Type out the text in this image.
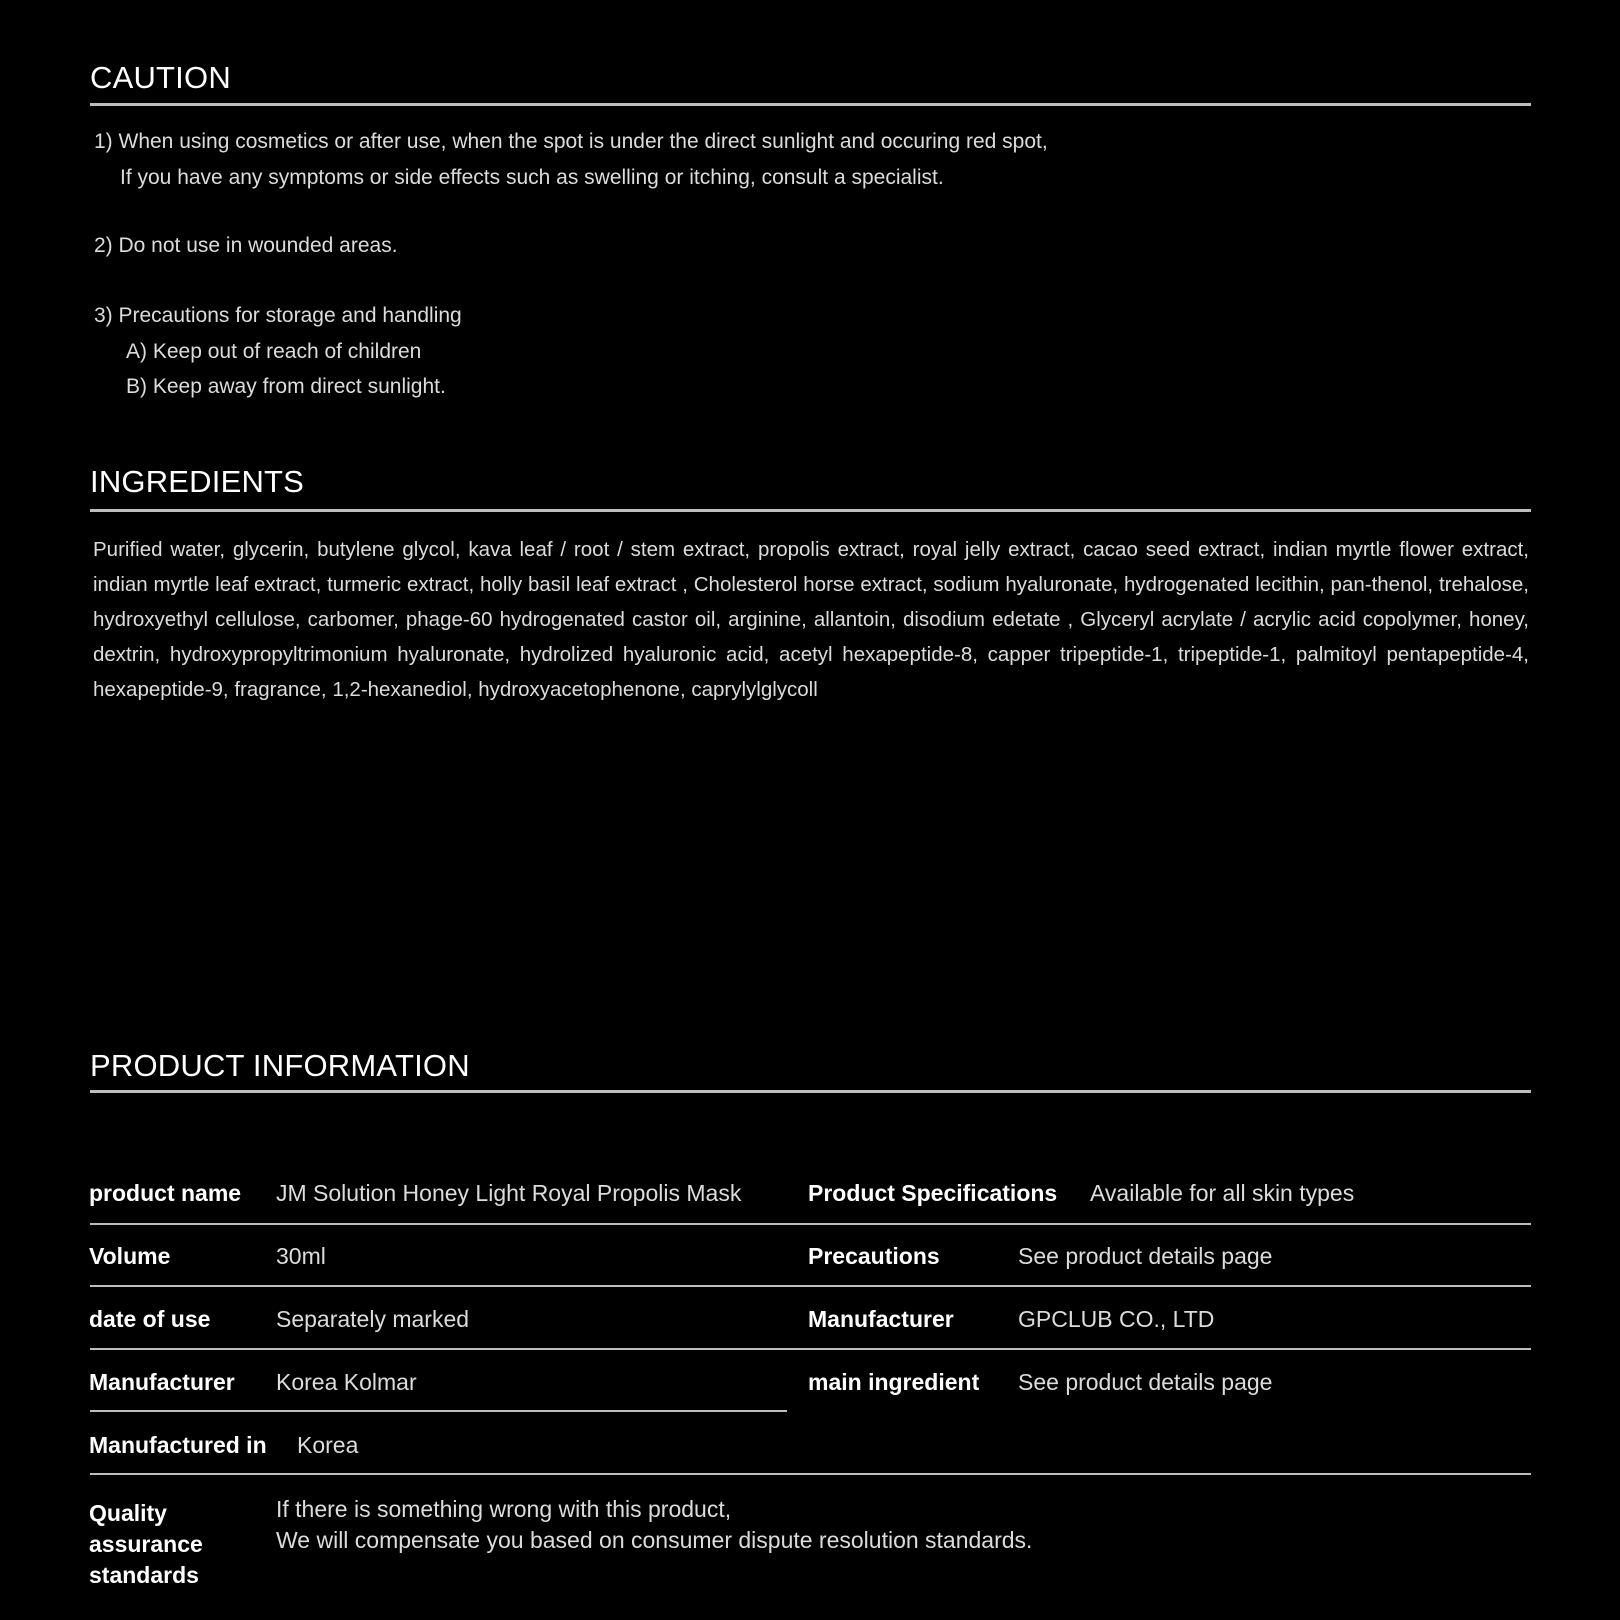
CAUTION
1) When using cosmetics or after use, when the spot is under the direct sunlight and occuring red spot,
If you have any symptoms or side effects such as swelling or itching, consult a specialist.
2) Do not use in wounded areas.
3) Precautions for storage and handling
A) Keep out of reach of children
B) Keep away from direct sunlight.
INGREDIENTS

Purified water, glycerin, butylene glycol, kava leaf / root / stem extract, propolis extract, royal jelly extract, cacao seed extract, indian myrtle flower extract, indian myrtle leaf extract, turmeric extract, holly basil leaf extract , Cholesterol horse extract, sodium hyaluronate, hydrogenated lecithin, pan-thenol, trehalose, hydroxyethyl cellulose, carbomer, phage-60 hydrogenated castor oil, arginine, allantoin, disodium edetate , Glyceryl acrylate / acrylic acid copolymer, honey, dextrin, hydroxypropyltrimonium hyaluronate, hydrolized hyaluronic acid, acetyl hexapeptide-8, capper tripeptide-1, tripeptide-1, palmitoyl pentapeptide-4, hexapeptide-9, fragrance, 1,2-hexanediol, hydroxyacetophenone, caprylylglycoll

PRODUCT INFORMATION
product name JM Solution Honey Light Royal Propolis Mask	Product Specifications Available for all skin types
Volume	30ml	Precautions	See product details page
date of use	Separately marked	Manufacturer	GPCLUB CO., LTD
Manufacturer Korea Kolmar	main ingredient See product details page
Manufactured in Korea
Quality assurance standards
If there is something wrong with this product,
We will compensate you based on consumer dispute resolution standards.
